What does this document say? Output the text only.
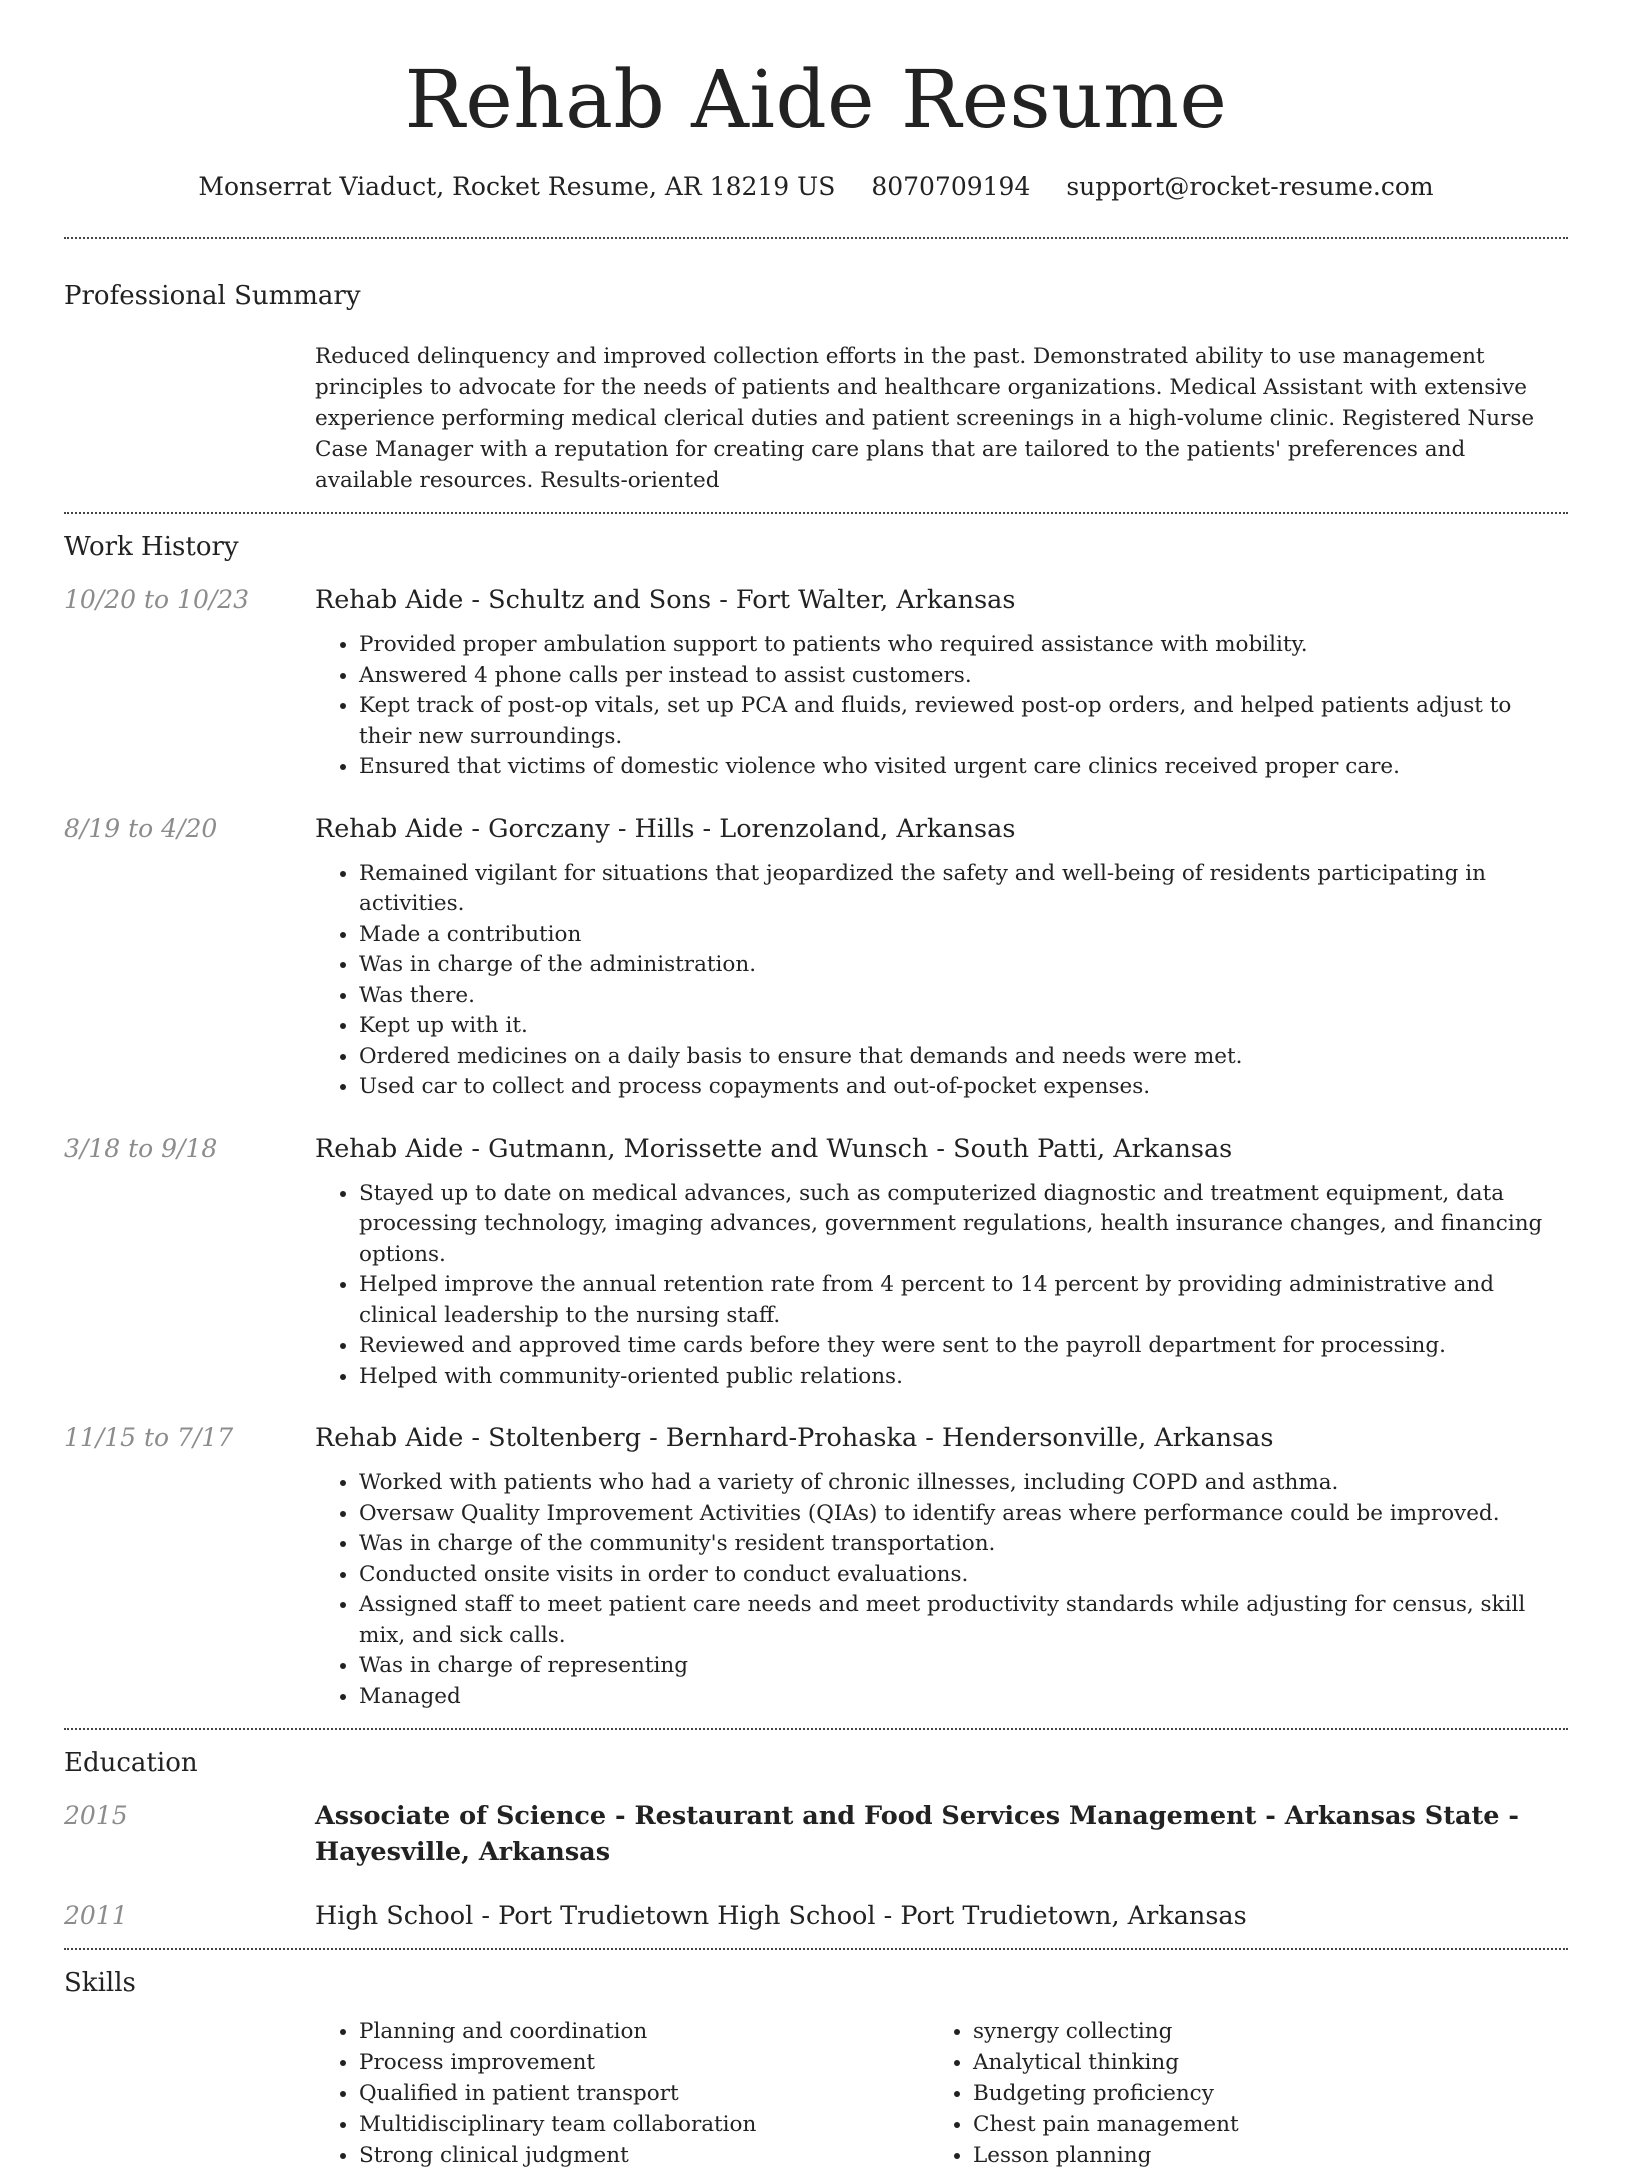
Rehab Aide Resume
Monserrat Viaduct, Rocket Resume, AR 18219 US 8070709194 support@rocket-resume.com
Professional Summary
Reduced delinquency and improved collection efforts in the past. Demonstrated ability to use management principles to advocate for the needs of patients and healthcare organizations. Medical Assistant with extensive experience performing medical clerical duties and patient screenings in a high-volume clinic. Registered Nurse Case Manager with a reputation for creating care plans that are tailored to the patients' preferences and available resources. Results-oriented
Work History
10/20 to 10/23	Rehab Aide - Schultz and Sons - Fort Walter, Arkansas
• Provided proper ambulation support to patients who required assistance with mobility.
• Answered 4 phone calls per instead to assist customers.
• Kept track of post-op vitals, set up PCA and fluids, reviewed post-op orders, and helped patients adjust to their new surroundings.
• Ensured that victims of domestic violence who visited urgent care clinics received proper care.
8/19 to 4/20	Rehab Aide - Gorczany - Hills - Lorenzoland, Arkansas
• Remained vigilant for situations that jeopardized the safety and well-being of residents participating in activities.
• Made a contribution
• Was in charge of the administration.
• Was there.
• Kept up with it.
• Ordered medicines on a daily basis to ensure that demands and needs were met.
• Used car to collect and process copayments and out-of-pocket expenses.
3/18 to 9/18	Rehab Aide - Gutmann, Morissette and Wunsch - South Patti, Arkansas
• Stayed up to date on medical advances, such as computerized diagnostic and treatment equipment, data processing technology, imaging advances, government regulations, health insurance changes, and financing options.
• Helped improve the annual retention rate from 4 percent to 14 percent by providing administrative and clinical leadership to the nursing staff.
• Reviewed and approved time cards before they were sent to the payroll department for processing.
• Helped with community-oriented public relations.
11/15 to 7/17	Rehab Aide - Stoltenberg - Bernhard-Prohaska - Hendersonville, Arkansas
• Worked with patients who had a variety of chronic illnesses, including COPD and asthma.
• Oversaw Quality Improvement Activities (QIAs) to identify areas where performance could be improved.
• Was in charge of the community's resident transportation.
• Conducted onsite visits in order to conduct evaluations.
• Assigned staff to meet patient care needs and meet productivity standards while adjusting for census, skill mix, and sick calls.
• Was in charge of representing
• Managed
Education
2015	Associate of Science - Restaurant and Food Services Management - Arkansas State - Hayesville, Arkansas
2011	High School - Port Trudietown High School - Port Trudietown, Arkansas
Skills
• Planning and coordination
• Process improvement
• Qualified in patient transport
• Multidisciplinary team collaboration
• Strong clinical judgment
• synergy collecting
• Analytical thinking
• Budgeting proficiency
• Chest pain management
• Lesson planning
